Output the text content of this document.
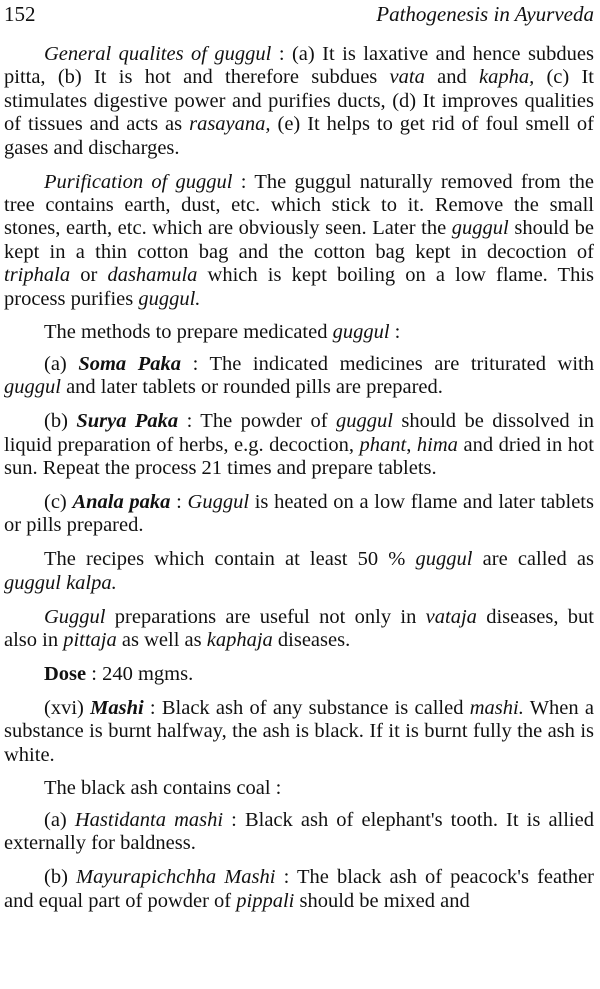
152	Pathogenesis in Ayurveda

General qualites of guggul : (a) It is laxative and hence subdues pitta, (b) It is hot and therefore subdues vata and kapha, (c) It stimulates digestive power and purifies ducts, (d) It improves qualities of tissues and acts as rasayana, (e) It helps to get rid of foul smell of gases and discharges.

Purification of guggul : The guggul naturally removed from the tree contains earth, dust, etc. which stick to it. Remove the small stones, earth, etc. which are obviously seen. Later the guggul should be kept in a thin cotton bag and the cotton bag kept in decoction of triphala or dashamula which is kept boiling on a low flame. This process purifies guggul.

The methods to prepare medicated guggul :

(a) Soma Paka : The indicated medicines are triturated with guggul and later tablets or rounded pills are prepared.

(b) Surya Paka : The powder of guggul should be dissolved in liquid preparation of herbs, e.g. decoction, phant, hima and dried in hot sun. Repeat the process 21 times and prepare tablets.

(c) Anala paka : Guggul is heated on a low flame and later tablets or pills prepared.

The recipes which contain at least 50 % guggul are called as guggul kalpa.

Guggul preparations are useful not only in vataja diseases, but also in pittaja as well as kaphaja diseases.

Dose : 240 mgms.

(xvi) Mashi : Black ash of any substance is called mashi. When a substance is burnt halfway, the ash is black. If it is burnt fully the ash is white.

The black ash contains coal :

(a) Hastidanta mashi : Black ash of elephant's tooth. It is allied externally for baldness.

(b) Mayurapichchha Mashi : The black ash of peacock's feather and equal part of powder of pippali should be mixed and
